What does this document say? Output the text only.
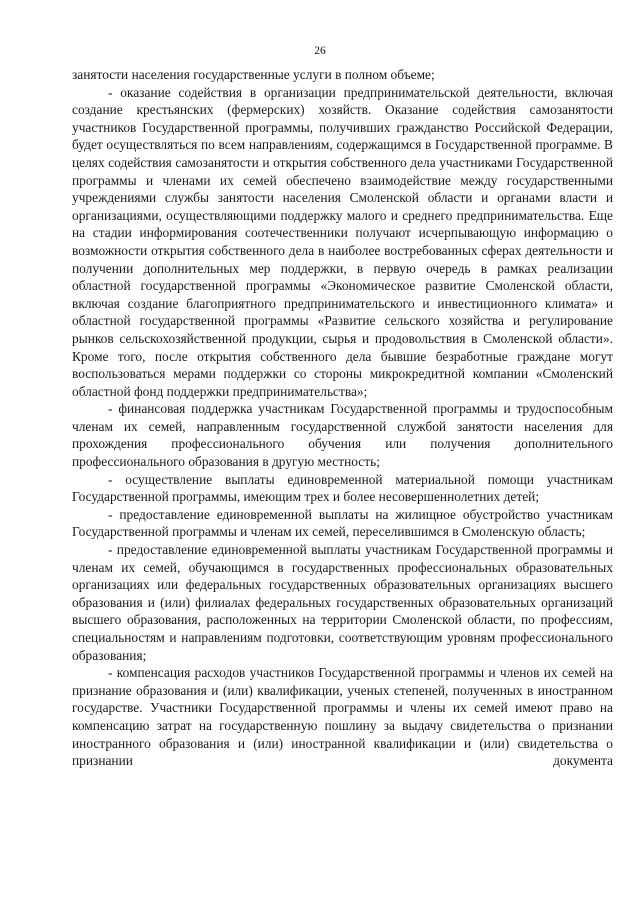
26

занятости населения государственные услуги в полном объеме;

- оказание содействия в организации предпринимательской деятельности, включая создание крестьянских (фермерских) хозяйств. Оказание содействия самозанятости участников Государственной программы, получивших гражданство Российской Федерации, будет осуществляться по всем направлениям, содержащимся в Государственной программе. В целях содействия самозанятости и открытия собственного дела участниками Государственной программы и членами их семей обеспечено взаимодействие между государственными учреждениями службы занятости населения Смоленской области и органами власти и организациями, осуществляющими поддержку малого и среднего предпринимательства. Еще на стадии информирования соотечественники получают исчерпывающую информацию о возможности открытия собственного дела в наиболее востребованных сферах деятельности и получении дополнительных мер поддержки, в первую очередь в рамках реализации областной государственной программы «Экономическое развитие Смоленской области, включая создание благоприятного предпринимательского и инвестиционного климата» и областной государственной программы «Развитие сельского хозяйства и регулирование рынков сельскохозяйственной продукции, сырья и продовольствия в Смоленской области». Кроме того, после открытия собственного дела бывшие безработные граждане могут воспользоваться мерами поддержки со стороны микрокредитной компании «Смоленский областной фонд поддержки предпринимательства»;

- финансовая поддержка участникам Государственной программы и трудоспособным членам их семей, направленным государственной службой занятости населения для прохождения профессионального обучения или получения дополнительного профессионального образования в другую местность;

- осуществление выплаты единовременной материальной помощи участникам Государственной программы, имеющим трех и более несовершеннолетних детей;

- предоставление единовременной выплаты на жилищное обустройство участникам Государственной программы и членам их семей, переселившимся в Смоленскую область;

- предоставление единовременной выплаты участникам Государственной программы и членам их семей, обучающимся в государственных профессиональных образовательных организациях или федеральных государственных образовательных организациях высшего образования и (или) филиалах федеральных государственных образовательных организаций высшего образования, расположенных на территории Смоленской области, по профессиям, специальностям и направлениям подготовки, соответствующим уровням профессионального образования;

- компенсация расходов участников Государственной программы и членов их семей на признание образования и (или) квалификации, ученых степеней, полученных в иностранном государстве. Участники Государственной программы и члены их семей имеют право на компенсацию затрат на государственную пошлину за выдачу свидетельства о признании иностранного образования и (или) иностранной квалификации и (или) свидетельства о признании документа
